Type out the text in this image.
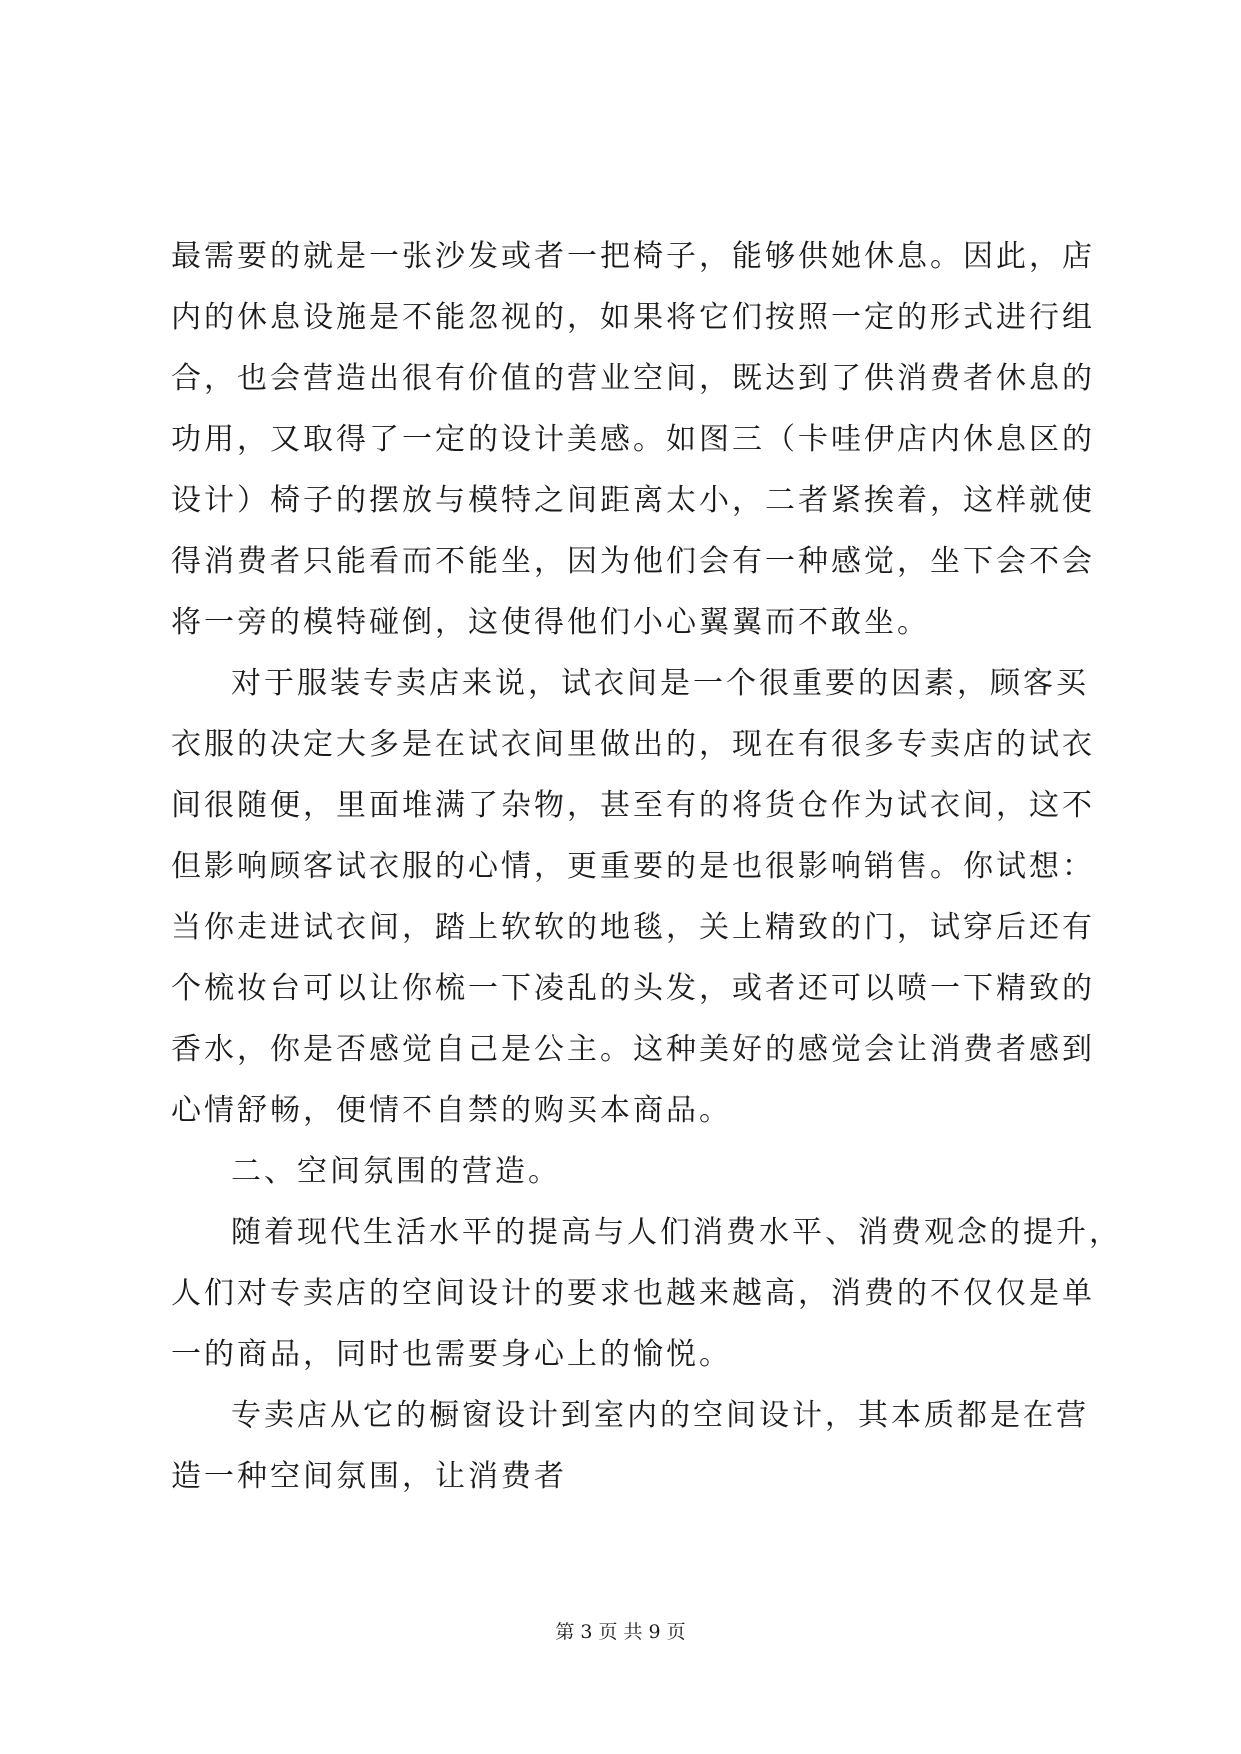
最需要的就是一张沙发或者一把椅子，能够供她休息。因此，店
内的休息设施是不能忽视的，如果将它们按照一定的形式进行组
合，也会营造出很有价值的营业空间，既达到了供消费者休息的
功用，又取得了一定的设计美感。如图三（卡哇伊店内休息区的
设计）椅子的摆放与模特之间距离太小，二者紧挨着，这样就使
得消费者只能看而不能坐，因为他们会有一种感觉，坐下会不会
将一旁的模特碰倒，这使得他们小心翼翼而不敢坐。
对于服装专卖店来说，试衣间是一个很重要的因素，顾客买
衣服的决定大多是在试衣间里做出的，现在有很多专卖店的试衣
间很随便，里面堆满了杂物，甚至有的将货仓作为试衣间，这不
但影响顾客试衣服的心情，更重要的是也很影响销售。你试想：
当你走进试衣间，踏上软软的地毯，关上精致的门，试穿后还有
个梳妆台可以让你梳一下凌乱的头发，或者还可以喷一下精致的
香水，你是否感觉自己是公主。这种美好的感觉会让消费者感到
心情舒畅，便情不自禁的购买本商品。
二、空间氛围的营造。
随着现代生活水平的提高与人们消费水平、消费观念的提升，
人们对专卖店的空间设计的要求也越来越高，消费的不仅仅是单
一的商品，同时也需要身心上的愉悦。
专卖店从它的橱窗设计到室内的空间设计，其本质都是在营
造一种空间氛围，让消费者
第 3 页 共 9 页
